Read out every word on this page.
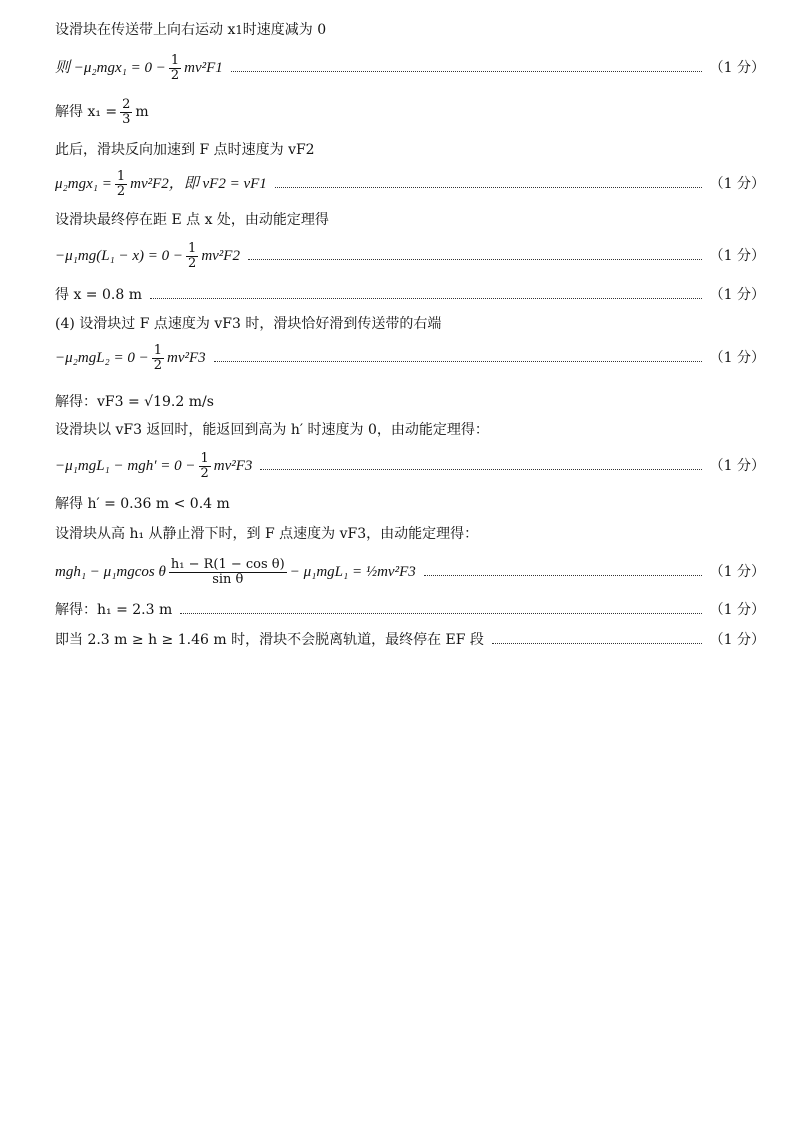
设滑块在传送带上向右运动 x 1 时速度减为 0
则 $-\mu_2mgx_1 = 0 - \frac{1}{2} mv^2F1$	（1 分）
解得 $x_1 = \frac{2}{3}$ m
此后，滑块反向加速到 F 点时速度为 vF2
$\mu_2mgx_1 = \frac{1}{2} mv^2F2$，即 vF2 = vF1	（1 分）
设滑块最终停在距 E 点 x 处，由动能定理得
$-\mu_1mg(L_1 - x) = 0 - \frac{1}{2} mv^2F2$	（1 分）
得 x = 0.8 m	（1 分）
(4) 设滑块过 F 点速度为 vF3 时，滑块恰好滑到传送带的右端
$-\mu_2mgL_2 = 0 - \frac{1}{2} mv^2F3$	（1 分）
解得：vF3 = √19.2 m/s
设滑块以 vF3 返回时，能返回到高为 h′ 时速度为 0，由动能定理得：
$-\mu_1mgL_1 - mgh' = 0 - \frac{1}{2} mv^2F3$	（1 分）
解得 h′ = 0.36 m < 0.4 m
设滑块从高 h₁ 从静止滑下时，到 F 点速度为 vF3，由动能定理得：
mgh₁ − μ₁mgcos θ $\frac{\text{h₁ − R(1 − cos θ)}}{\text{sin θ}} - \mu_1mgL_1$ = ½mv²F3	（1 分）
解得：h₁ = 2.3 m	（1 分）
即当 2.3 m ≥ h ≥ 1.46 m 时，滑块不会脱离轨道，最终停在 EF 段	（1 分）
